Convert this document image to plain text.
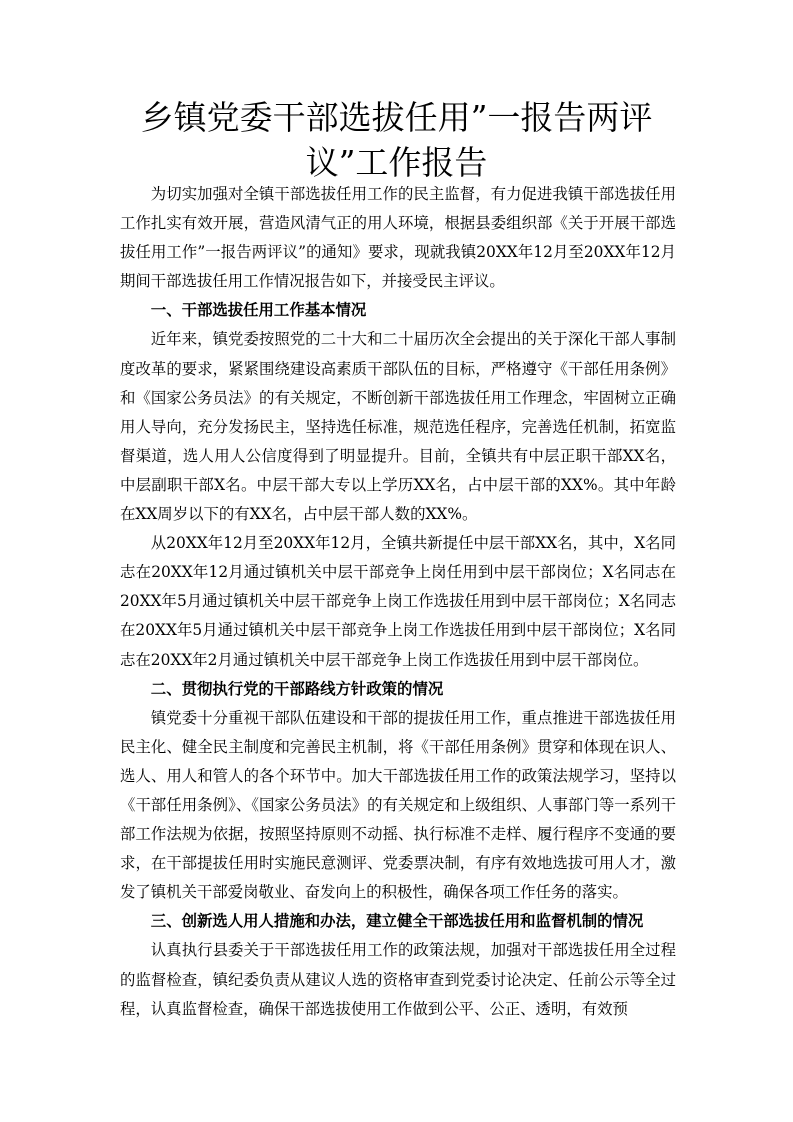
乡镇党委干部选拔任用”一报告两评议”工作报告

为切实加强对全镇干部选拔任用工作的民主监督，有力促进我镇干部选拔任用工作扎实有效开展，营造风清气正的用人环境，根据县委组织部《关于开展干部选拔任用工作”一报告两评议”的通知》要求，现就我镇20XX年12月至20XX年12月期间干部选拔任用工作情况报告如下，并接受民主评议。

一、干部选拔任用工作基本情况

近年来，镇党委按照党的二十大和二十届历次全会提出的关于深化干部人事制度改革的要求，紧紧围绕建设高素质干部队伍的目标，严格遵守《干部任用条例》和《国家公务员法》的有关规定，不断创新干部选拔任用工作理念，牢固树立正确用人导向，充分发扬民主，坚持选任标准，规范选任程序，完善选任机制，拓宽监督渠道，选人用人公信度得到了明显提升。目前，全镇共有中层正职干部XX名，中层副职干部X名。中层干部大专以上学历XX名，占中层干部的XX%。其中年龄在XX周岁以下的有XX名，占中层干部人数的XX%。

从20XX年12月至20XX年12月，全镇共新提任中层干部XX名，其中，X名同志在20XX年12月通过镇机关中层干部竞争上岗任用到中层干部岗位；X名同志在20XX年5月通过镇机关中层干部竞争上岗工作选拔任用到中层干部岗位；X名同志在20XX年5月通过镇机关中层干部竞争上岗工作选拔任用到中层干部岗位；X名同志在20XX年2月通过镇机关中层干部竞争上岗工作选拔任用到中层干部岗位。

二、贯彻执行党的干部路线方针政策的情况

镇党委十分重视干部队伍建设和干部的提拔任用工作，重点推进干部选拔任用民主化、健全民主制度和完善民主机制，将《干部任用条例》贯穿和体现在识人、选人、用人和管人的各个环节中。加大干部选拔任用工作的政策法规学习，坚持以《干部任用条例》、《国家公务员法》的有关规定和上级组织、人事部门等一系列干部工作法规为依据，按照坚持原则不动摇、执行标准不走样、履行程序不变通的要求，在干部提拔任用时实施民意测评、党委票决制，有序有效地选拔可用人才，激发了镇机关干部爱岗敬业、奋发向上的积极性，确保各项工作任务的落实。

三、创新选人用人措施和办法，建立健全干部选拔任用和监督机制的情况

认真执行县委关于干部选拔任用工作的政策法规，加强对干部选拔任用全过程的监督检查，镇纪委负责从建议人选的资格审查到党委讨论决定、任前公示等全过程，认真监督检查，确保干部选拔使用工作做到公平、公正、透明，有效预
